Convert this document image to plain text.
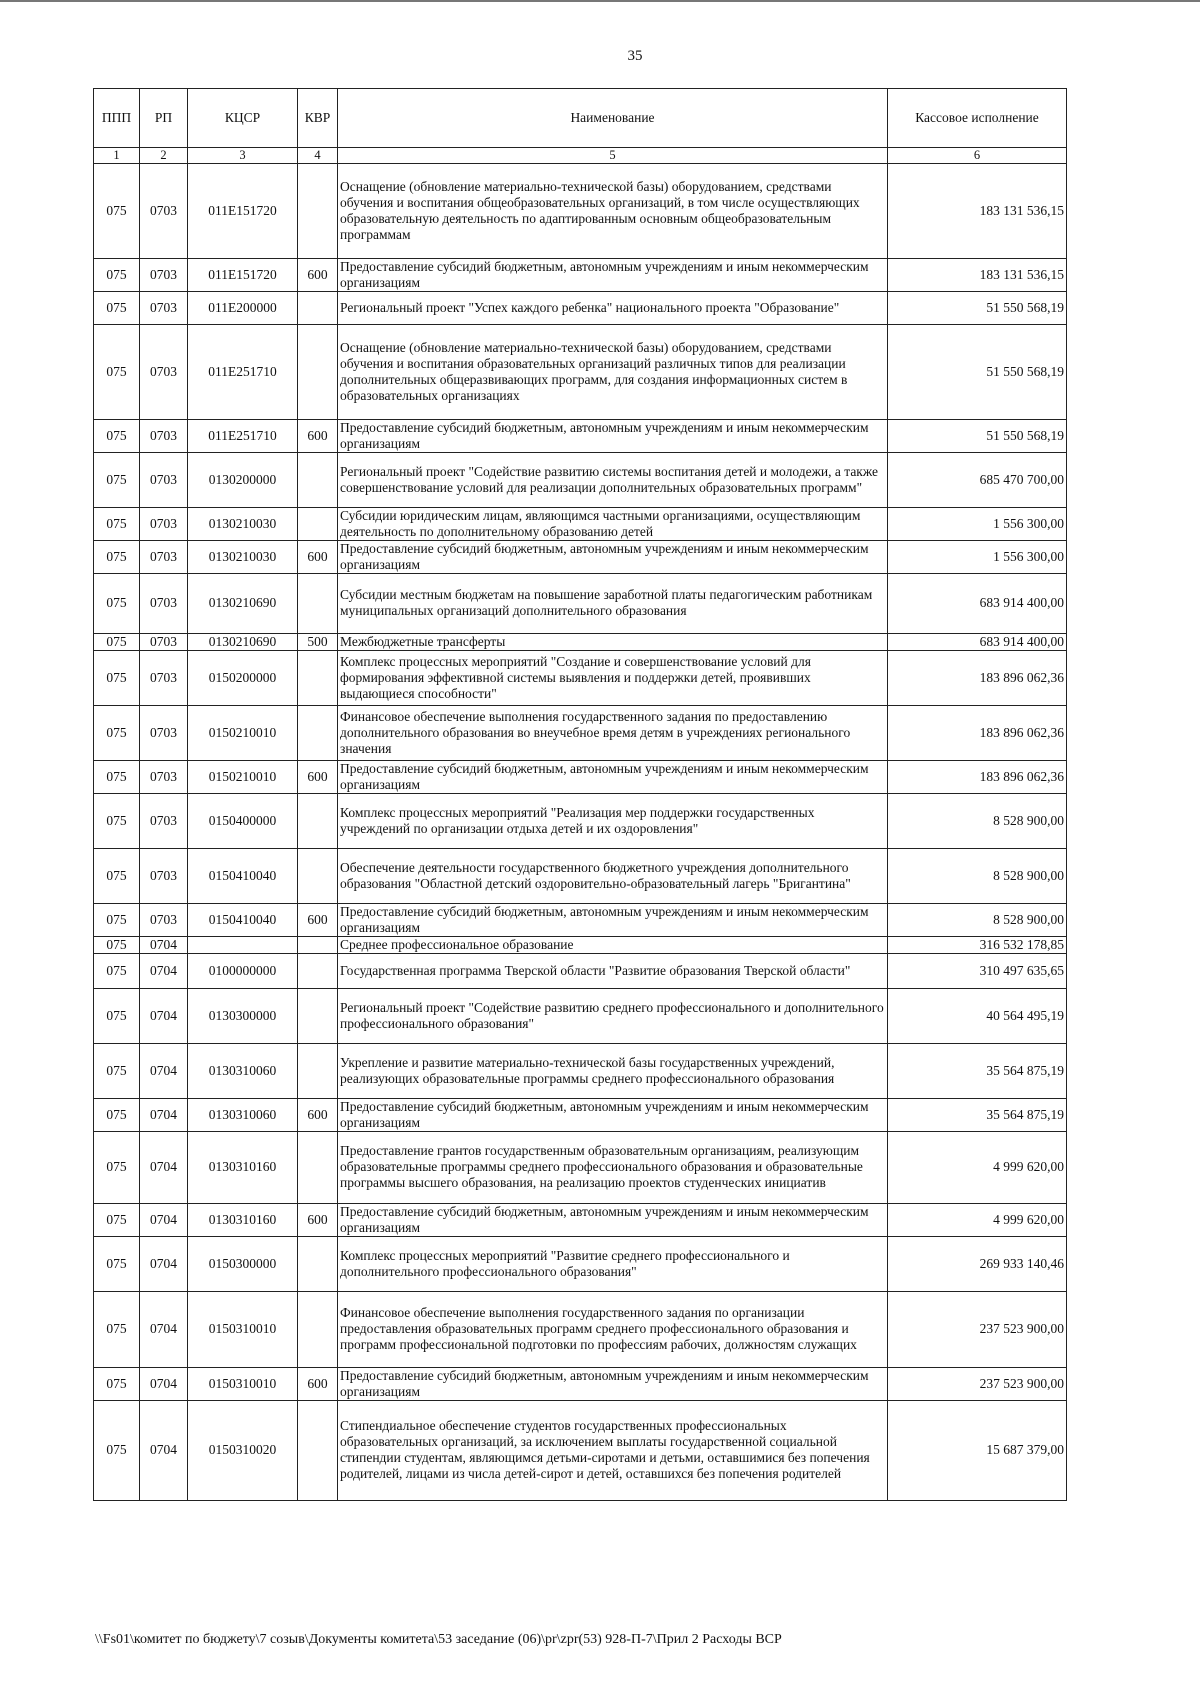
35
ППП	РП	КЦСР	КВР	Наименование	Кассовое исполнение
1	2	3	4	5	6
075	0703	011E151720		Оснащение (обновление материально-технической базы) оборудованием, средствами обучения и воспитания общеобразовательных организаций, в том числе осуществляющих образовательную деятельность по адаптированным основным общеобразовательным программам	183 131 536,15
075	0703	011E151720	600	Предоставление субсидий бюджетным, автономным учреждениям и иным некоммерческим организациям	183 131 536,15
075	0703	011E200000		Региональный проект "Успех каждого ребенка" национального проекта "Образование"	51 550 568,19
075	0703	011E251710		Оснащение (обновление материально-технической базы) оборудованием, средствами обучения и воспитания образовательных организаций различных типов для реализации дополнительных общеразвивающих программ, для создания информационных систем в образовательных организациях	51 550 568,19
075	0703	011E251710	600	Предоставление субсидий бюджетным, автономным учреждениям и иным некоммерческим организациям	51 550 568,19
075	0703	0130200000		Региональный проект "Содействие развитию системы воспитания детей и молодежи, а также совершенствование условий для реализации дополнительных образовательных программ"	685 470 700,00
075	0703	0130210030		Субсидии юридическим лицам, являющимся частными организациями, осуществляющим деятельность по дополнительному образованию детей	1 556 300,00
075	0703	0130210030	600	Предоставление субсидий бюджетным, автономным учреждениям и иным некоммерческим организациям	1 556 300,00
075	0703	0130210690		Субсидии местным бюджетам на повышение заработной платы педагогическим работникам муниципальных организаций дополнительного образования	683 914 400,00
075	0703	0130210690	500	Межбюджетные трансферты	683 914 400,00
075	0703	0150200000		Комплекс процессных мероприятий "Создание и совершенствование условий для формирования эффективной системы выявления и поддержки детей, проявивших выдающиеся способности"	183 896 062,36
075	0703	0150210010		Финансовое обеспечение выполнения государственного задания по предоставлению дополнительного образования во внеучебное время детям в учреждениях регионального значения	183 896 062,36
075	0703	0150210010	600	Предоставление субсидий бюджетным, автономным учреждениям и иным некоммерческим организациям	183 896 062,36
075	0703	0150400000		Комплекс процессных мероприятий "Реализация мер поддержки государственных учреждений по организации отдыха детей и их оздоровления"	8 528 900,00
075	0703	0150410040		Обеспечение деятельности государственного бюджетного учреждения дополнительного образования "Областной детский оздоровительно-образовательный лагерь "Бригантина"	8 528 900,00
075	0703	0150410040	600	Предоставление субсидий бюджетным, автономным учреждениям и иным некоммерческим организациям	8 528 900,00
075	0704			Среднее профессиональное образование	316 532 178,85
075	0704	0100000000		Государственная программа Тверской области "Развитие образования Тверской области"	310 497 635,65
075	0704	0130300000		Региональный проект "Содействие развитию среднего профессионального и дополнительного профессионального образования"	40 564 495,19
075	0704	0130310060		Укрепление и развитие материально-технической базы государственных учреждений, реализующих образовательные программы среднего профессионального образования	35 564 875,19
075	0704	0130310060	600	Предоставление субсидий бюджетным, автономным учреждениям и иным некоммерческим организациям	35 564 875,19
075	0704	0130310160		Предоставление грантов государственным образовательным организациям, реализующим образовательные программы среднего профессионального образования и образовательные программы высшего образования, на реализацию проектов студенческих инициатив	4 999 620,00
075	0704	0130310160	600	Предоставление субсидий бюджетным, автономным учреждениям и иным некоммерческим организациям	4 999 620,00
075	0704	0150300000		Комплекс процессных мероприятий "Развитие среднего профессионального и дополнительного профессионального образования"	269 933 140,46
075	0704	0150310010		Финансовое обеспечение выполнения государственного задания по организации предоставления образовательных программ среднего профессионального образования и программ профессиональной подготовки по профессиям рабочих, должностям служащих	237 523 900,00
075	0704	0150310010	600	Предоставление субсидий бюджетным, автономным учреждениям и иным некоммерческим организациям	237 523 900,00
075	0704	0150310020		Стипендиальное обеспечение студентов государственных профессиональных образовательных организаций, за исключением выплаты государственной социальной стипендии студентам, являющимся детьми-сиротами и детьми, оставшимися без попечения родителей, лицами из числа детей-сирот и детей, оставшихся без попечения родителей	15 687 379,00
\\Fs01\комитет по бюджету\7 созыв\Документы комитета\53 заседание (06)\pr\zpr(53) 928-П-7\Прил 2 Расходы ВСР
